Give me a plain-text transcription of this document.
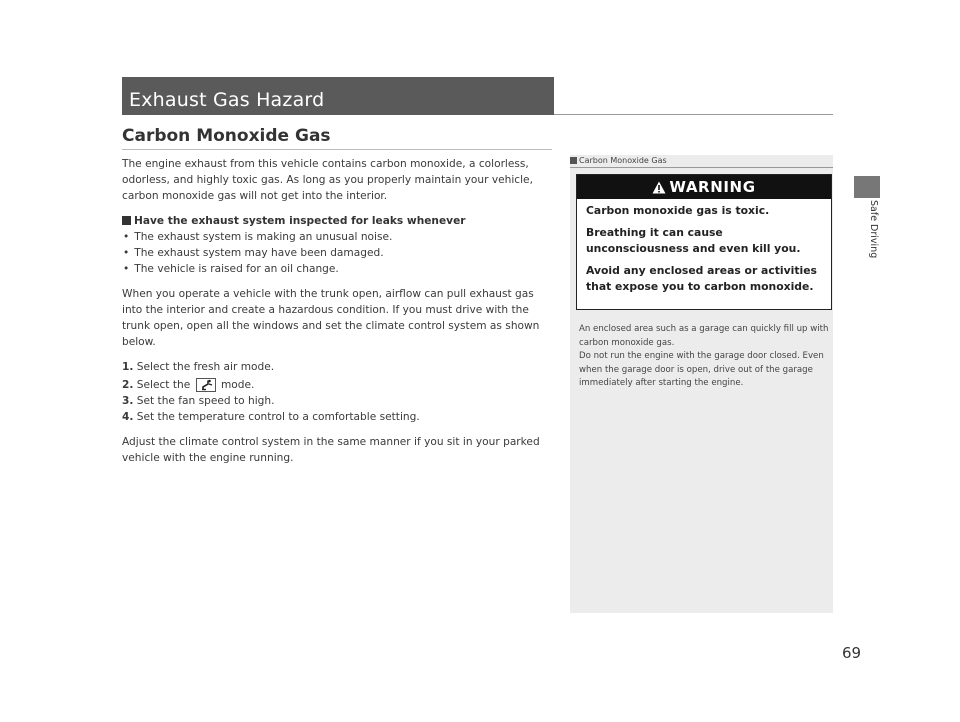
Exhaust Gas Hazard
Carbon Monoxide Gas

The engine exhaust from this vehicle contains carbon monoxide, a colorless, odorless, and highly toxic gas. As long as you properly maintain your vehicle, carbon monoxide gas will not get into the interior.

Have the exhaust system inspected for leaks whenever

• The exhaust system is making an unusual noise.

• The exhaust system may have been damaged.

• The vehicle is raised for an oil change.

When you operate a vehicle with the trunk open, airflow can pull exhaust gas into the interior and create a hazardous condition. If you must drive with the trunk open, open all the windows and set the climate control system as shown below.

1. Select the fresh air mode.

2. Select the	mode.

3. Set the fan speed to high.

4. Set the temperature control to a comfortable setting.

Adjust the climate control system in the same manner if you sit in your parked vehicle with the engine running.

Carbon Monoxide Gas
WARNING

Carbon monoxide gas is toxic.

Breathing it can cause unconsciousness and even kill you.

Avoid any enclosed areas or activities that expose you to carbon monoxide.

An enclosed area such as a garage can quickly fill up with carbon monoxide gas.

Do not run the engine with the garage door closed. Even when the garage door is open, drive out of the garage immediately after starting the engine.

Safe Driving
69
